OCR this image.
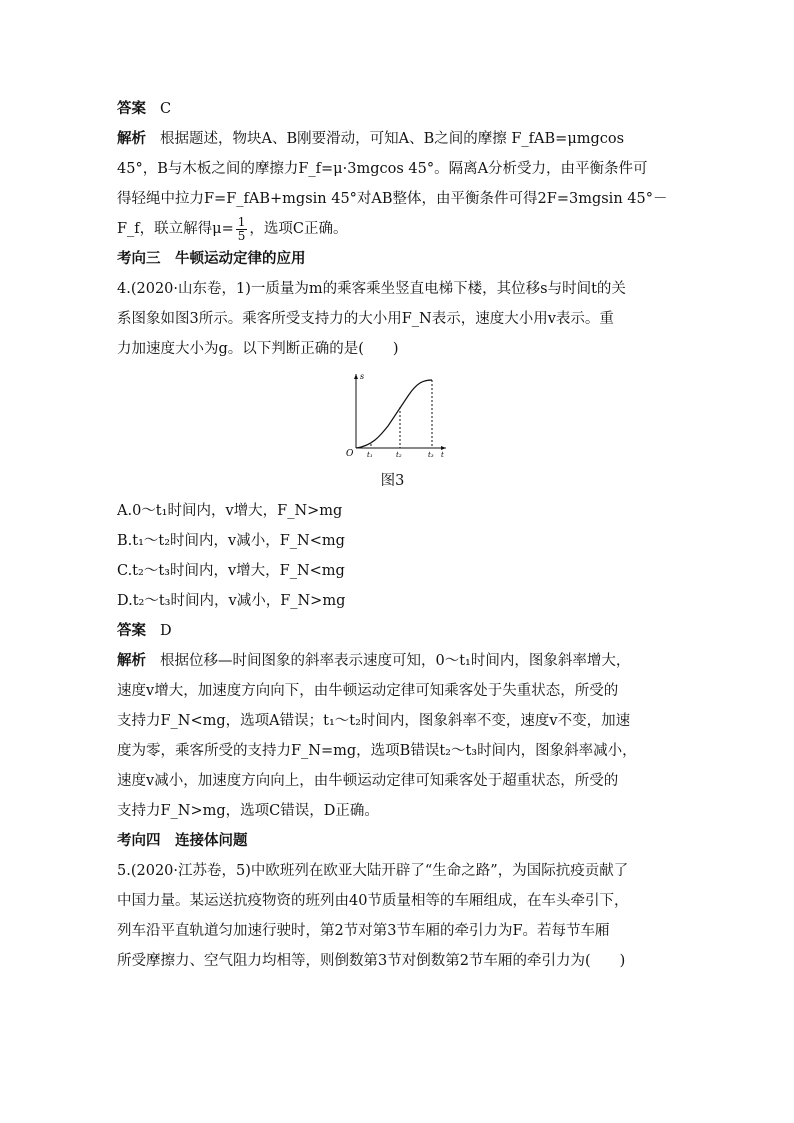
答案 C
解析 根据题述，物块A、B刚要滑动，可知A、B之间的摩擦 F_fAB=μmgcos
45°，B与木板之间的摩擦力F_f=μ·3mgcos 45°。隔离A分析受力，由平衡条件可
得轻绳中拉力F=F_fAB+mgsin 45°对AB整体，由平衡条件可得2F=3mgsin 45°－
F_f，联立解得$\mu= \frac{1}{5}$ ，选项C正确。
考向三　牛顿运动定律的应用
4.(2020·山东卷，1)一质量为m的乘客乘坐竖直电梯下楼，其位移s与时间t的关
系图象如图3所示。乘客所受支持力的大小用F_N表示，速度大小用v表示。重
力加速度大小为g。以下判断正确的是(　　)
s
O t₁	t₂	t₃ t
图3
A.0～t₁时间内，v增大，F_N>mg
B.t₁～t₂时间内，v减小，F_N<mg
C.t₂～t₃时间内，v增大，F_N<mg
D.t₂～t₃时间内，v减小，F_N>mg
答案 D
解析 根据位移—时间图象的斜率表示速度可知，0～t₁时间内，图象斜率增大，
速度v增大，加速度方向向下，由牛顿运动定律可知乘客处于失重状态，所受的
支持力F_N<mg，选项A错误；t₁～t₂时间内，图象斜率不变，速度v不变，加速
度为零，乘客所受的支持力F_N=mg，选项B错误t₂～t₃时间内，图象斜率减小，
速度v减小，加速度方向向上，由牛顿运动定律可知乘客处于超重状态，所受的
支持力F_N>mg，选项C错误，D正确。
考向四　连接体问题
5.(2020·江苏卷，5)中欧班列在欧亚大陆开辟了“生命之路”，为国际抗疫贡献了
中国力量。某运送抗疫物资的班列由40节质量相等的车厢组成，在车头牵引下，
列车沿平直轨道匀加速行驶时，第2节对第3节车厢的牵引力为F。若每节车厢
所受摩擦力、空气阻力均相等，则倒数第3节对倒数第2节车厢的牵引力为(　　)
